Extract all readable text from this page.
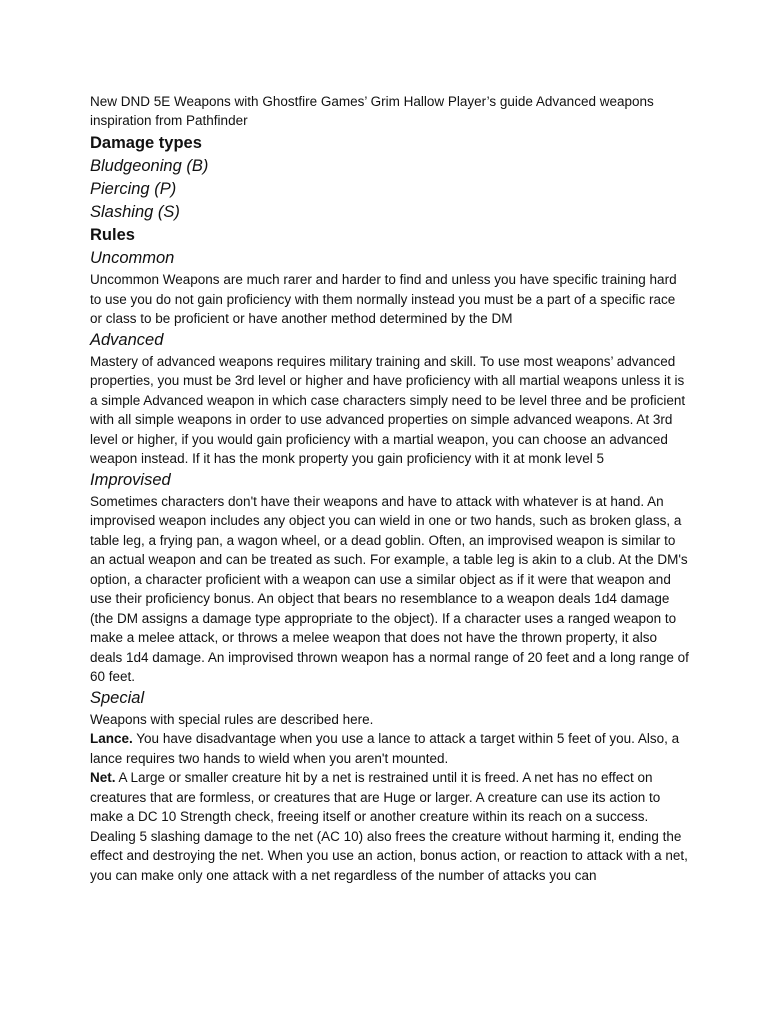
New DND 5E Weapons with Ghostfire Games’ Grim Hallow Player’s guide Advanced weapons inspiration from Pathfinder

Damage types

Bludgeoning (B)

Piercing (P)

Slashing (S)

Rules

Uncommon

Uncommon Weapons are much rarer and harder to find and unless you have specific training hard to use you do not gain proficiency with them normally instead you must be a part of a specific race or class to be proficient or have another method determined by the DM

Advanced

Mastery of advanced weapons requires military training and skill. To use most weapons’ advanced properties, you must be 3rd level or higher and have proficiency with all martial weapons unless it is a simple Advanced weapon in which case characters simply need to be level three and be proficient with all simple weapons in order to use advanced properties on simple advanced weapons. At 3rd level or higher, if you would gain proficiency with a martial weapon, you can choose an advanced weapon instead. If it has the monk property you gain proficiency with it at monk level 5

Improvised

Sometimes characters don't have their weapons and have to attack with whatever is at hand. An improvised weapon includes any object you can wield in one or two hands, such as broken glass, a table leg, a frying pan, a wagon wheel, or a dead goblin. Often, an improvised weapon is similar to an actual weapon and can be treated as such. For example, a table leg is akin to a club. At the DM's option, a character proficient with a weapon can use a similar object as if it were that weapon and use their proficiency bonus. An object that bears no resemblance to a weapon deals 1d4 damage (the DM assigns a damage type appropriate to the object). If a character uses a ranged weapon to make a melee attack, or throws a melee weapon that does not have the thrown property, it also deals 1d4 damage. An improvised thrown weapon has a normal range of 20 feet and a long range of 60 feet.

Special

Weapons with special rules are described here.

Lance. You have disadvantage when you use a lance to attack a target within 5 feet of you. Also, a lance requires two hands to wield when you aren't mounted.

Net. A Large or smaller creature hit by a net is restrained until it is freed. A net has no effect on creatures that are formless, or creatures that are Huge or larger. A creature can use its action to make a DC 10 Strength check, freeing itself or another creature within its reach on a success. Dealing 5 slashing damage to the net (AC 10) also frees the creature without harming it, ending the effect and destroying the net. When you use an action, bonus action, or reaction to attack with a net, you can make only one attack with a net regardless of the number of attacks you can
